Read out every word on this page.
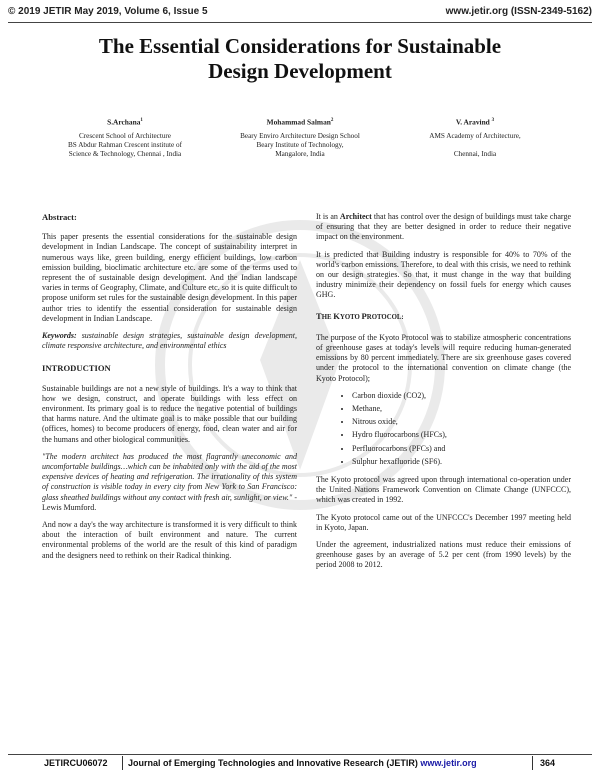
© 2019 JETIR May 2019, Volume 6, Issue 5	www.jetir.org (ISSN-2349-5162)
The Essential Considerations for Sustainable
Design Development
S.Archana$^1$
Crescent School of Architecture
BS Abdur Rahman Crescent institute of
Science & Technology, Chennai , India
Mohammad Salman$^2$
Beary Enviro Architecture Design School
Beary Institute of Technology,
Mangalore, India
V. Aravind $^3$
AMS Academy of Architecture,
Chennai, India
Abstract:

This paper presents the essential considerations for the sustainable design development in Indian Landscape. The concept of sustainability interpret in numerous ways like, green building, energy efficient buildings, low carbon emission building, bioclimatic architecture etc. are some of the terms used to represent the of sustainable design development. And the Indian landscape varies in terms of Geography, Climate, and Culture etc. so it is quite difficult to propose uniform set rules for the sustainable design development. In this paper author tries to identify the essential consideration for sustainable design development in Indian Landscape.

Keywords: sustainable design strategies, sustainable design development, climate responsive architecture, and environmental ethics

INTRODUCTION

Sustainable buildings are not a new style of buildings. It's a way to think that how we design, construct, and operate buildings with less effect on environment. Its primary goal is to reduce the negative potential of buildings that harms nature. And the ultimate goal is to make possible that our building (offices, homes) to become producers of energy, food, clean water and air for the humans and other biological communities.

"The modern architect has produced the most flagrantly uneconomic and uncomfortable buildings…which can be inhabited only with the aid of the most expensive devices of heating and refrigeration. The irrationality of this system of construction is visible today in every city from New York to San Francisco: glass sheathed buildings without any contact with fresh air, sunlight, or view." -Lewis Mumford.

And now a day's the way architecture is transformed it is very difficult to think about the interaction of built environment and nature. The current environmental problems of the world are the result of this kind of paradigm and the designers need to rethink on their Radical thinking.

It is an Architect that has control over the design of buildings must take charge of ensuring that they are better designed in order to reduce their negative impact on the environment.

It is predicted that Building industry is responsible for 40% to 70% of the world's carbon emissions. Therefore, to deal with this crisis, we need to rethink on our design strategies. So that, it must change in the way that building industry minimize their dependency on fossil fuels for energy which causes GHG.

THE KYOTO PROTOCOL:

The purpose of the Kyoto Protocol was to stabilize atmospheric concentrations of greenhouse gases at today's levels will require reducing human-generated emissions by 80 percent immediately. There are six greenhouse gases covered under the protocol to the international convention on climate change (the Kyoto Protocol);

• Carbon dioxide (CO2),
• Methane,
• Nitrous oxide,
• Hydro fluorocarbons (HFCs),
• Perfluorocarbons (PFCs) and
• Sulphur hexafluoride (SF6).

The Kyoto protocol was agreed upon through international co-operation under the United Nations Framework Convention on Climate Change (UNFCCC), which was created in 1992.

The Kyoto protocol came out of the UNFCCC's December 1997 meeting held in Kyoto, Japan.

Under the agreement, industrialized nations must reduce their emissions of greenhouse gases by an average of 5.2 per cent (from 1990 levels) by the period 2008 to 2012.

JETIRCU06072 Journal of Emerging Technologies and Innovative Research (JETIR) www.jetir.org	364
